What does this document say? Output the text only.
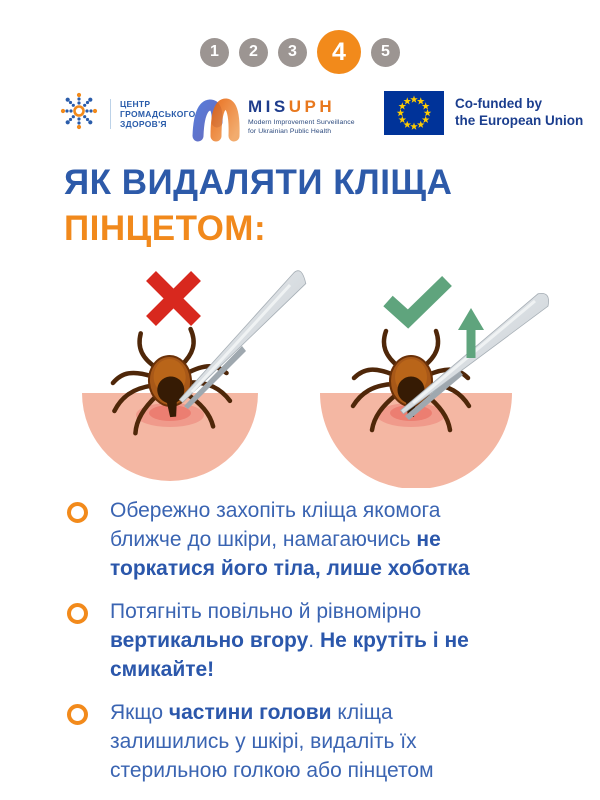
1	2	3	4	5
ЦЕНТР
ГРОМАДСЬКОГО
ЗДОРОВ'Я
MISUPH
Modern Improvement Surveillance
for Ukrainian Public Health
Co-funded by
the European Union
ЯК ВИДАЛЯТИ КЛІЩА
ПІНЦЕТОМ:

Обережно захопіть кліща якомога ближче до шкіри, намагаючись не торкатися його тіла, лише хоботка

Потягніть повільно й рівномірно вертикально вгору. Не крутіть і не смикайте!

Якщо частини голови кліща залишились у шкірі, видаліть їх стерильною голкою або пінцетом
